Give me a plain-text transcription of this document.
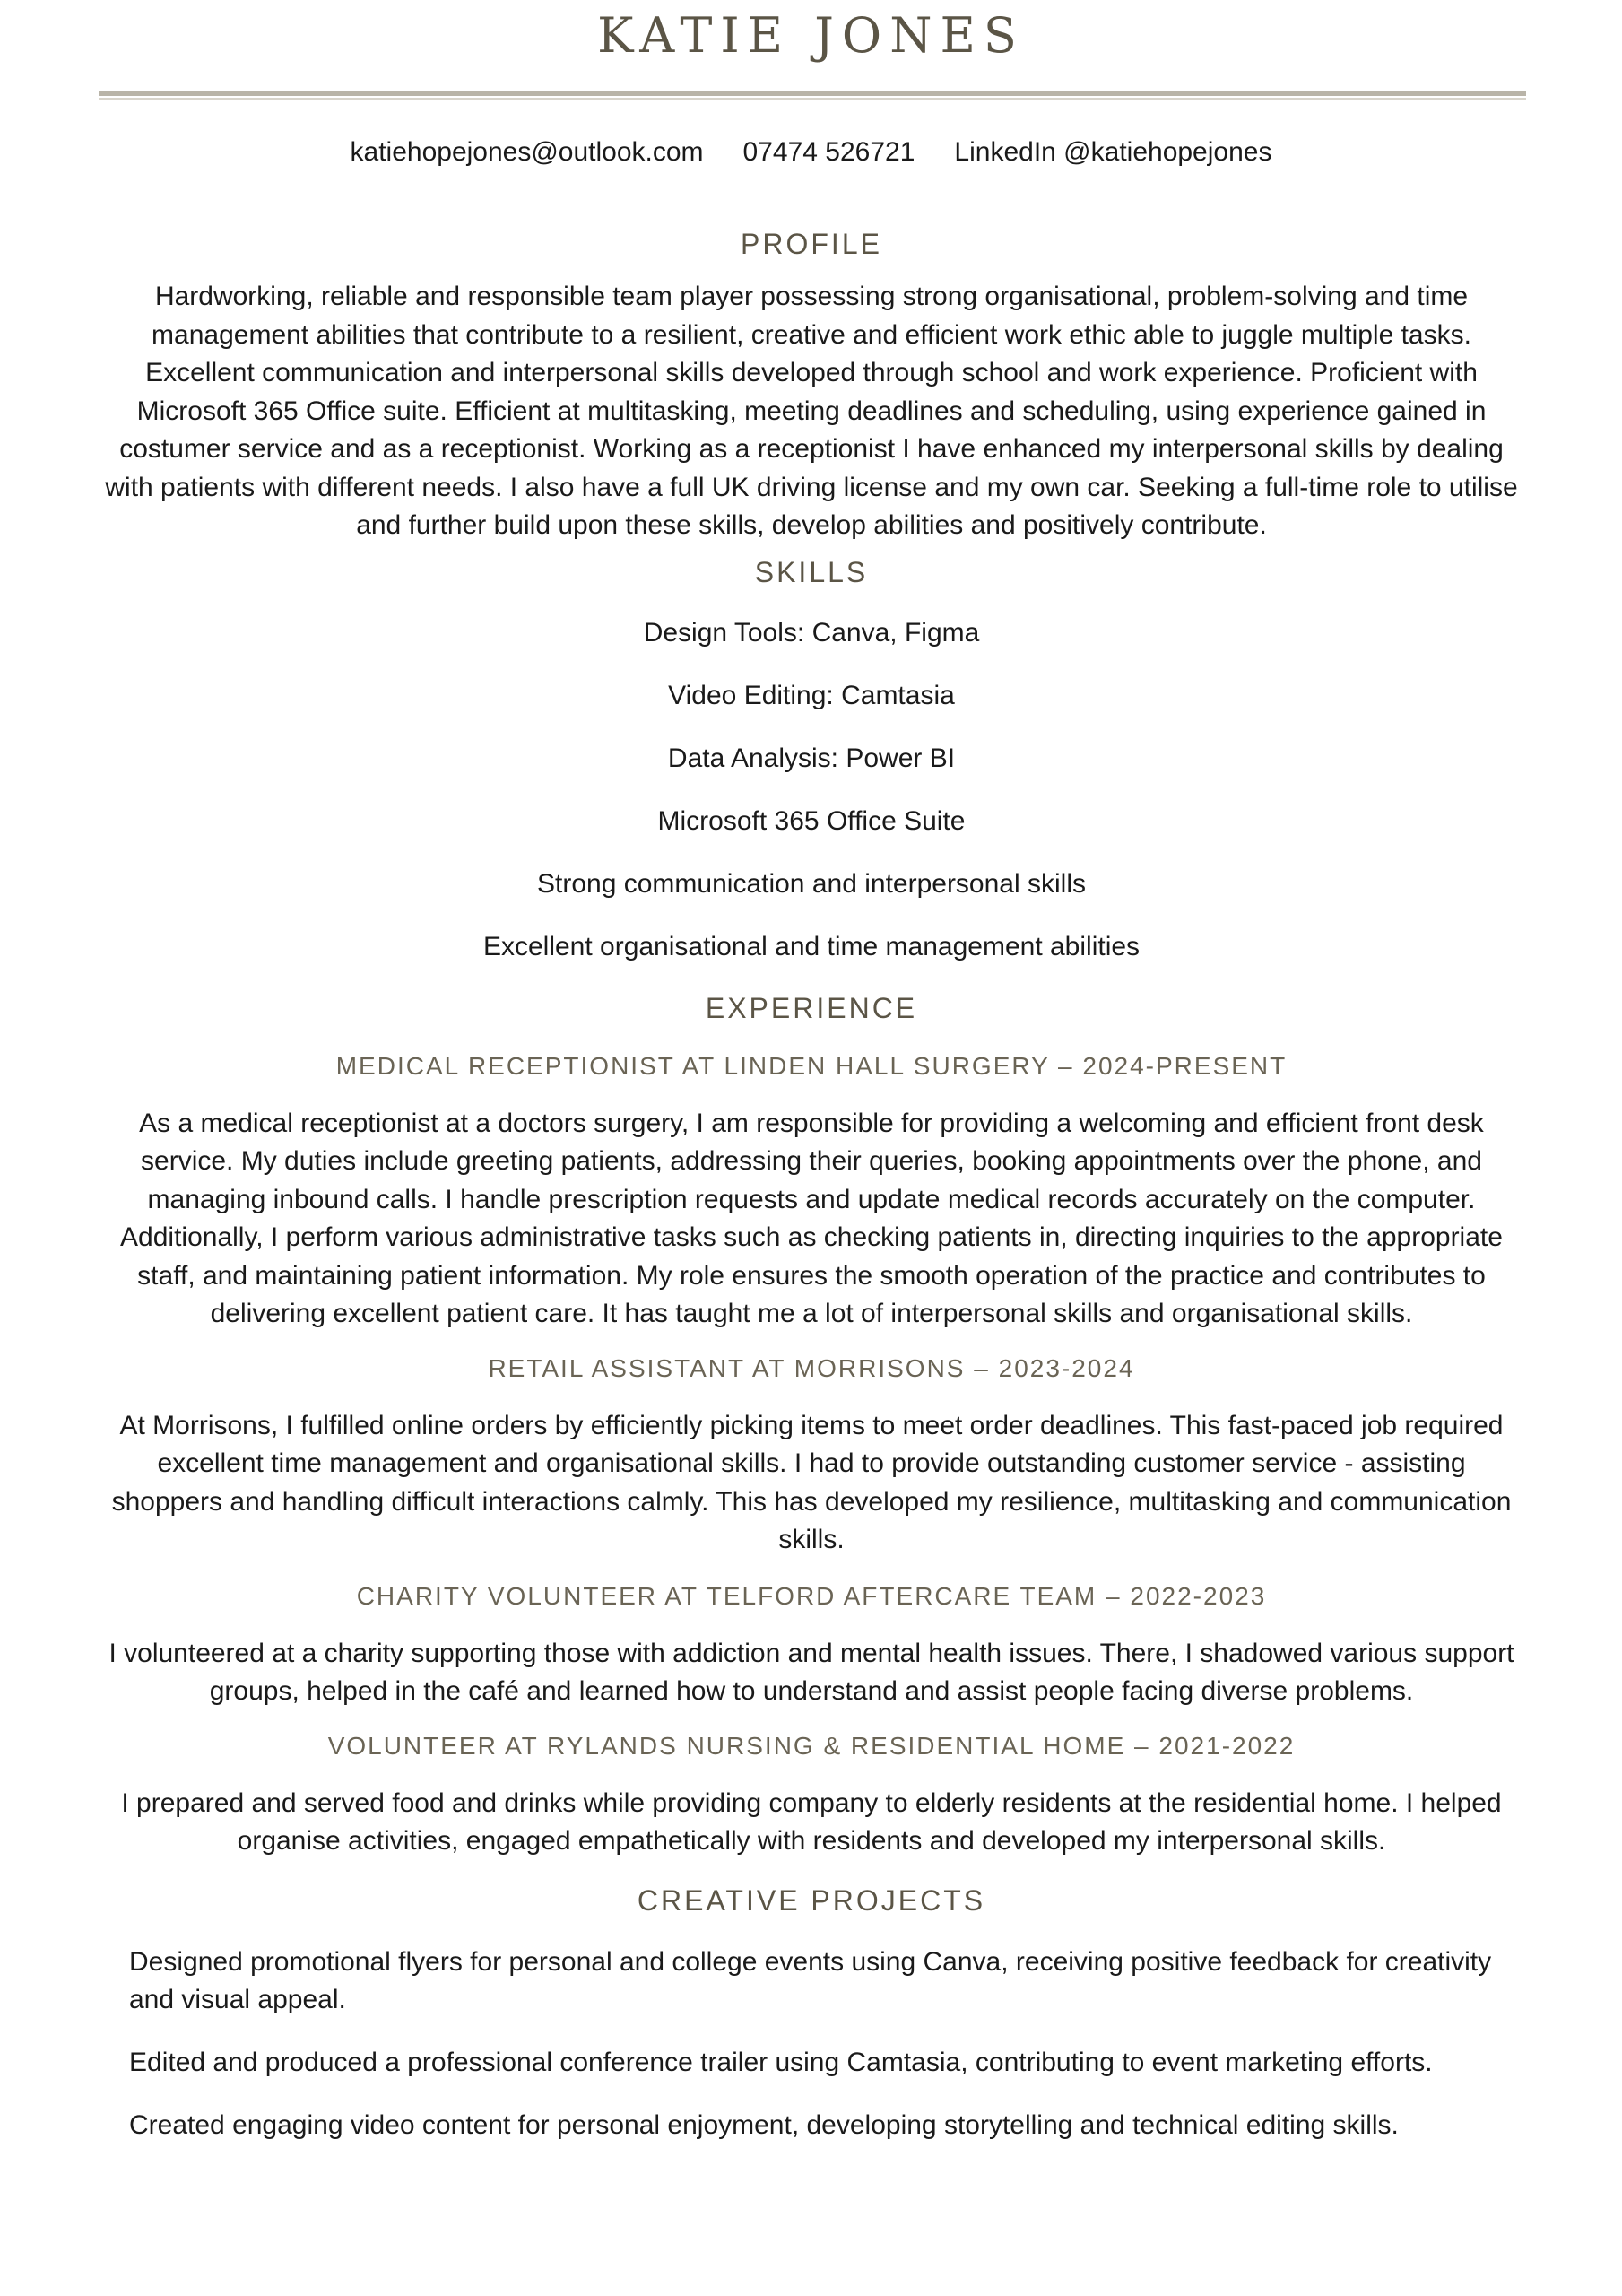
KATIE JONES
katiehopejones@outlook.com 07474 526721 LinkedIn @katiehopejones

PROFILE

Hardworking, reliable and responsible team player possessing strong organisational, problem-solving and time management abilities that contribute to a resilient, creative and efficient work ethic able to juggle multiple tasks. Excellent communication and interpersonal skills developed through school and work experience. Proficient with Microsoft 365 Office suite. Efficient at multitasking, meeting deadlines and scheduling, using experience gained in costumer service and as a receptionist. Working as a receptionist I have enhanced my interpersonal skills by dealing with patients with different needs. I also have a full UK driving license and my own car. Seeking a full-time role to utilise and further build upon these skills, develop abilities and positively contribute.

SKILLS

Design Tools: Canva, Figma

Video Editing: Camtasia

Data Analysis: Power BI

Microsoft 365 Office Suite

Strong communication and interpersonal skills

Excellent organisational and time management abilities

EXPERIENCE

MEDICAL RECEPTIONIST AT LINDEN HALL SURGERY – 2024-PRESENT

As a medical receptionist at a doctors surgery, I am responsible for providing a welcoming and efficient front desk service. My duties include greeting patients, addressing their queries, booking appointments over the phone, and managing inbound calls. I handle prescription requests and update medical records accurately on the computer. Additionally, I perform various administrative tasks such as checking patients in, directing inquiries to the appropriate staff, and maintaining patient information. My role ensures the smooth operation of the practice and contributes to delivering excellent patient care. It has taught me a lot of interpersonal skills and organisational skills.

RETAIL ASSISTANT AT MORRISONS – 2023-2024

At Morrisons, I fulfilled online orders by efficiently picking items to meet order deadlines. This fast-paced job required excellent time management and organisational skills. I had to provide outstanding customer service - assisting shoppers and handling difficult interactions calmly. This has developed my resilience, multitasking and communication skills.

CHARITY VOLUNTEER AT TELFORD AFTERCARE TEAM – 2022-2023

I volunteered at a charity supporting those with addiction and mental health issues. There, I shadowed various support groups, helped in the café and learned how to understand and assist people facing diverse problems.

VOLUNTEER AT RYLANDS NURSING & RESIDENTIAL HOME – 2021-2022

I prepared and served food and drinks while providing company to elderly residents at the residential home. I helped organise activities, engaged empathetically with residents and developed my interpersonal skills.

CREATIVE PROJECTS

Designed promotional flyers for personal and college events using Canva, receiving positive feedback for creativity and visual appeal.

Edited and produced a professional conference trailer using Camtasia, contributing to event marketing efforts.

Created engaging video content for personal enjoyment, developing storytelling and technical editing skills.
